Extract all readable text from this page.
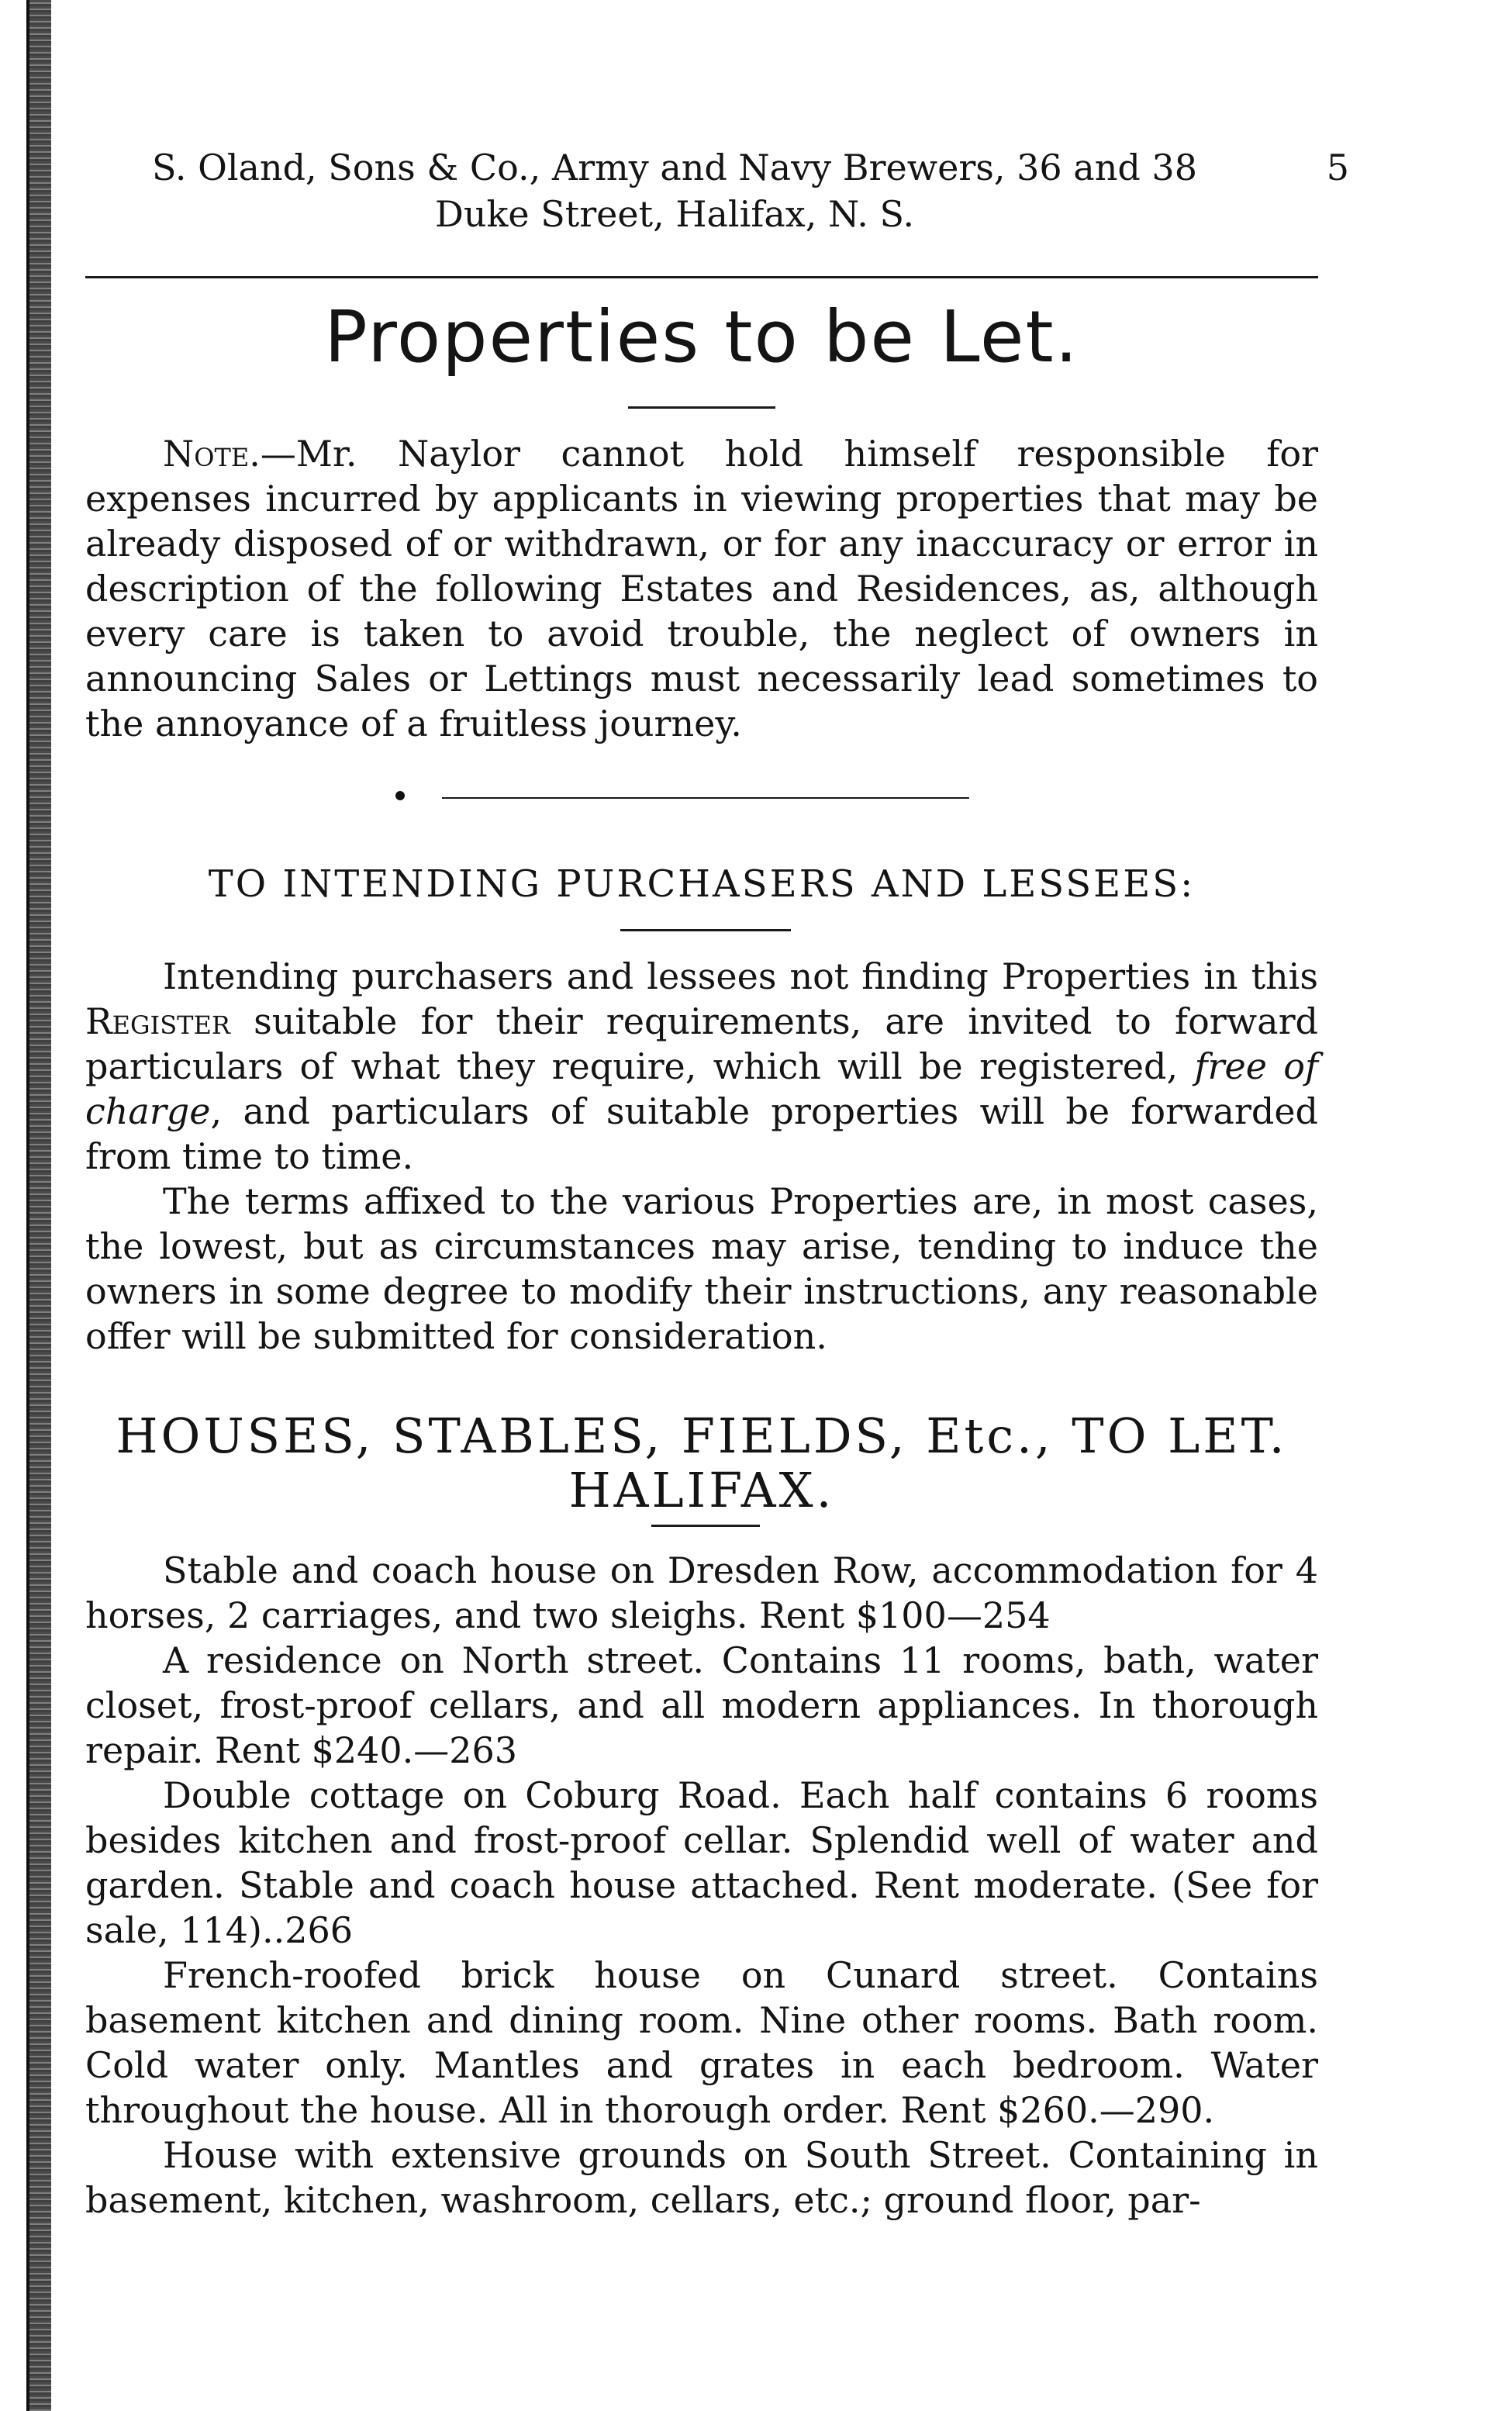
S. Oland, Sons & Co., Army and Navy Brewers, 36 and 38
Duke Street, Halifax, N. S.
5
Properties to be Let.
Note.—Mr. Naylor cannot hold himself responsible for expenses incurred by applicants in viewing properties that may be already disposed of or withdrawn, or for any inaccuracy or error in description of the following Estates and Residences, as, although every care is taken to avoid trouble, the neglect of owners in announcing Sales or Lettings must necessarily lead sometimes to the annoyance of a fruitless journey.
TO INTENDING PURCHASERS AND LESSEES:
Intending purchasers and lessees not finding Properties in this Register suitable for their requirements, are invited to forward particulars of what they require, which will be registered, free of charge, and particulars of suitable properties will be forwarded from time to time.
The terms affixed to the various Properties are, in most cases, the lowest, but as circumstances may arise, tending to induce the owners in some degree to modify their instructions, any reasonable offer will be submitted for consideration.
HOUSES, STABLES, FIELDS, Etc., TO LET.
HALIFAX.
Stable and coach house on Dresden Row, accommodation for 4 horses, 2 carriages, and two sleighs. Rent $100—254
A residence on North street. Contains 11 rooms, bath, water closet, frost-proof cellars, and all modern appliances. In thorough repair. Rent $240.—263
Double cottage on Coburg Road. Each half contains 6 rooms besides kitchen and frost-proof cellar. Splendid well of water and garden. Stable and coach house attached. Rent moderate. (See for sale, 114)..266
French-roofed brick house on Cunard street. Contains basement kitchen and dining room. Nine other rooms. Bath room. Cold water only. Mantles and grates in each bedroom. Water throughout the house. All in thorough order. Rent $260.—290.
House with extensive grounds on South Street. Containing in basement, kitchen, washroom, cellars, etc.; ground floor, par-
